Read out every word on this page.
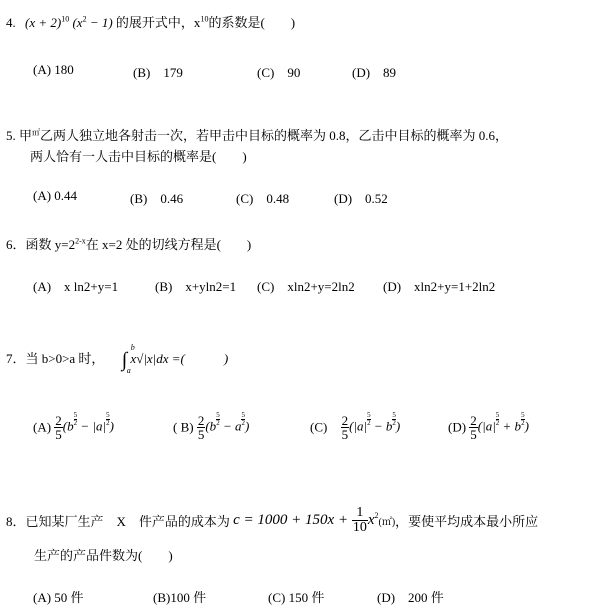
4. $(x + 2)^{10}$ $(x^2 - 1)$ 的展开式中，$x^{10}$的系数是(　　)
(A) 180	(B)　179	(C)　90	(D)　89
5. 甲㎡乙两人独立地各射击一次，若甲击中目标的概率为 0.8，乙击中目标的概率为 0.6，
两人恰有一人击中目标的概率是(　　)
(A) 0.44	(B)　0.46	(C)　0.48	(D)　0.52
6．函数 $y=2^{2-x}$在 x=2 处的切线方程是(　　)
(A)　x ln2+y=1	(B)　x+yln2=1 (C)　xln2+y=2ln2 (D)　xln2+y=1+2ln2
7．当 b>0>a 时， ∫
b
a
x√|x|dx =(　　　)
$(A) \frac{2}{5} (b \frac{5}{2} - |a| \frac{5}{2}$ )	( $B) \frac{2}{5} (b \frac{5}{2} - a \frac{5}{2}$ )	$(C) \frac{2}{5} (|a| \frac{5}{2} - b \frac{5}{2}$ )	$(D) \frac{2}{5} (|a| \frac{5}{2} + b \frac{5}{2}$ )
8．已知某厂生产　X　件产品的成本为 $c = 1000 + 150x + \frac{1}{10}$ $x^2(㎡)$，要使平均成本最小所应
生产的产品件数为(　　)
(A) 50 件	(B)100 件	(C) 150 件	(D)　200 件
